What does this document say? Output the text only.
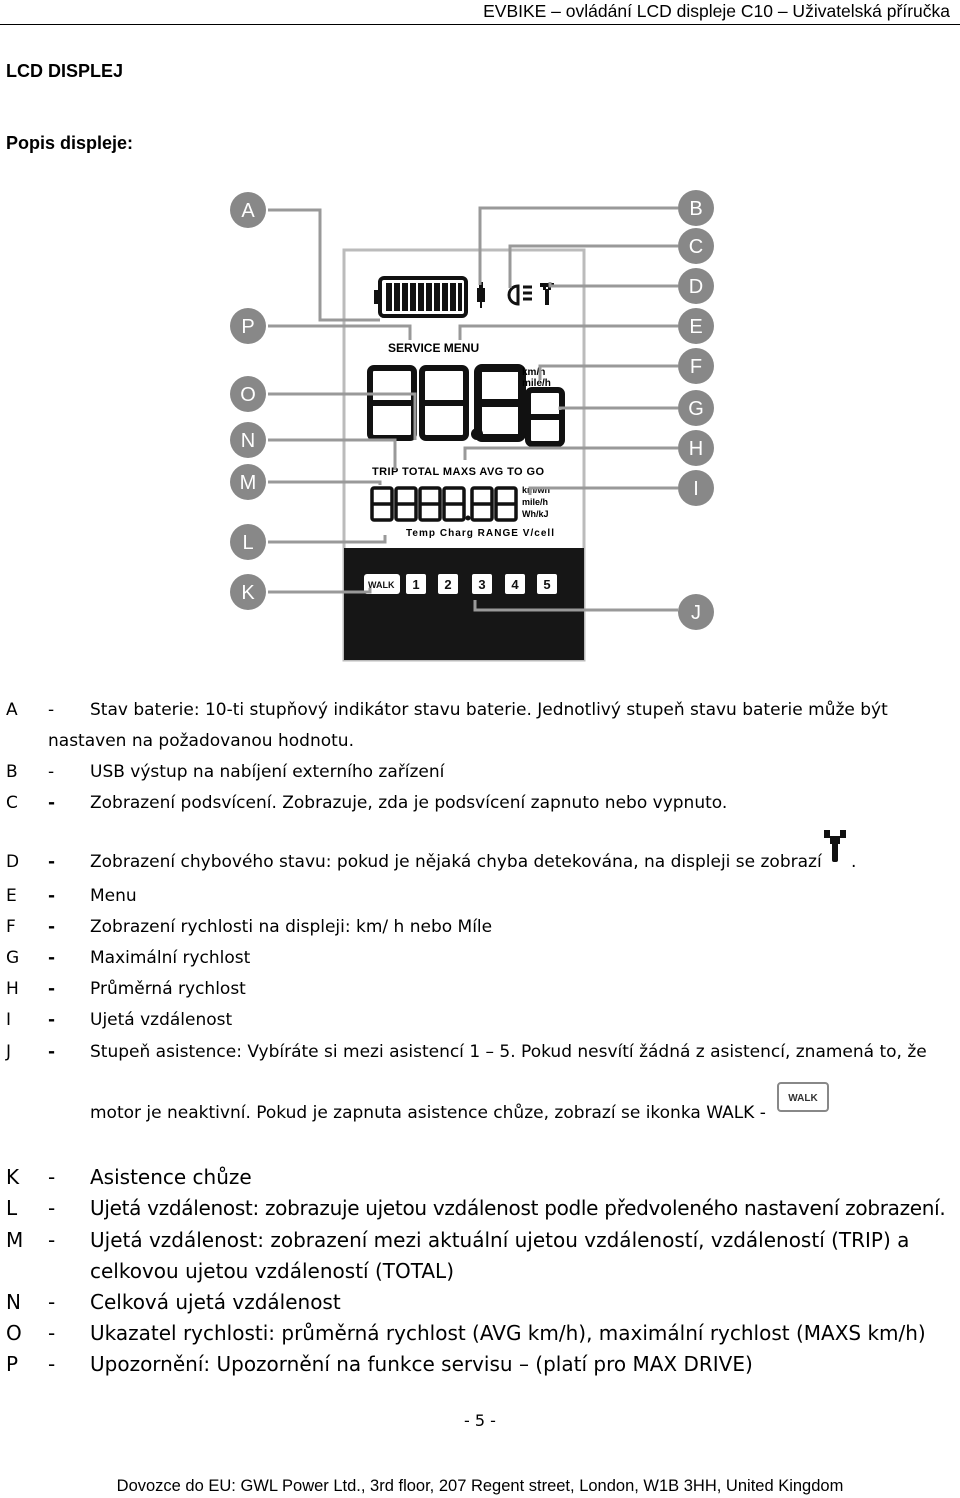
EVBIKE – ovládání LCD displeje C10 – Uživatelská příručka
LCD DISPLEJ
Popis displeje:
SERVICE MENU
km/h
mile/h
TRIP TOTAL MAXS AVG TO GO
km/wh
mile/h
Wh/kJ
Temp Charg RANGE V/cell
WALK 1 2 3 4 5
A
P
O
N
M
L
K
B
C
D
E
F
G
H
I
J
A - Stav baterie: 10-ti stupňový indikátor stavu baterie. Jednotlivý stupeň stavu baterie může být
nastaven na požadovanou hodnotu.
B - USB výstup na nabíjení externího zařízení
C - Zobrazení podsvícení. Zobrazuje, zda je podsvícení zapnuto nebo vypnuto.
D - Zobrazení chybového stavu: pokud je nějaká chyba detekována, na displeji se zobrazí .
E - Menu
F - Zobrazení rychlosti na displeji: km/ h nebo Míle
G - Maximální rychlost
H - Průměrná rychlost
I - Ujetá vzdálenost
J - Stupeň asistence: Vybíráte si mezi asistencí 1 – 5. Pokud nesvítí žádná z asistencí, znamená to, že
motor je neaktivní. Pokud je zapnuta asistence chůze, zobrazí se ikonka WALK -
WALK
K - Asistence chůze
L - Ujetá vzdálenost: zobrazuje ujetou vzdálenost podle předvoleného nastavení zobrazení.
M - Ujetá vzdálenost: zobrazení mezi aktuální ujetou vzdáleností, vzdáleností (TRIP) a
celkovou ujetou vzdáleností (TOTAL)
N - Celková ujetá vzdálenost
O - Ukazatel rychlosti: průměrná rychlost (AVG km/h), maximální rychlost (MAXS km/h)
P - Upozornění: Upozornění na funkce servisu – (platí pro MAX DRIVE)
- 5 -
Dovozce do EU: GWL Power Ltd., 3rd floor, 207 Regent street, London, W1B 3HH, United Kingdom
